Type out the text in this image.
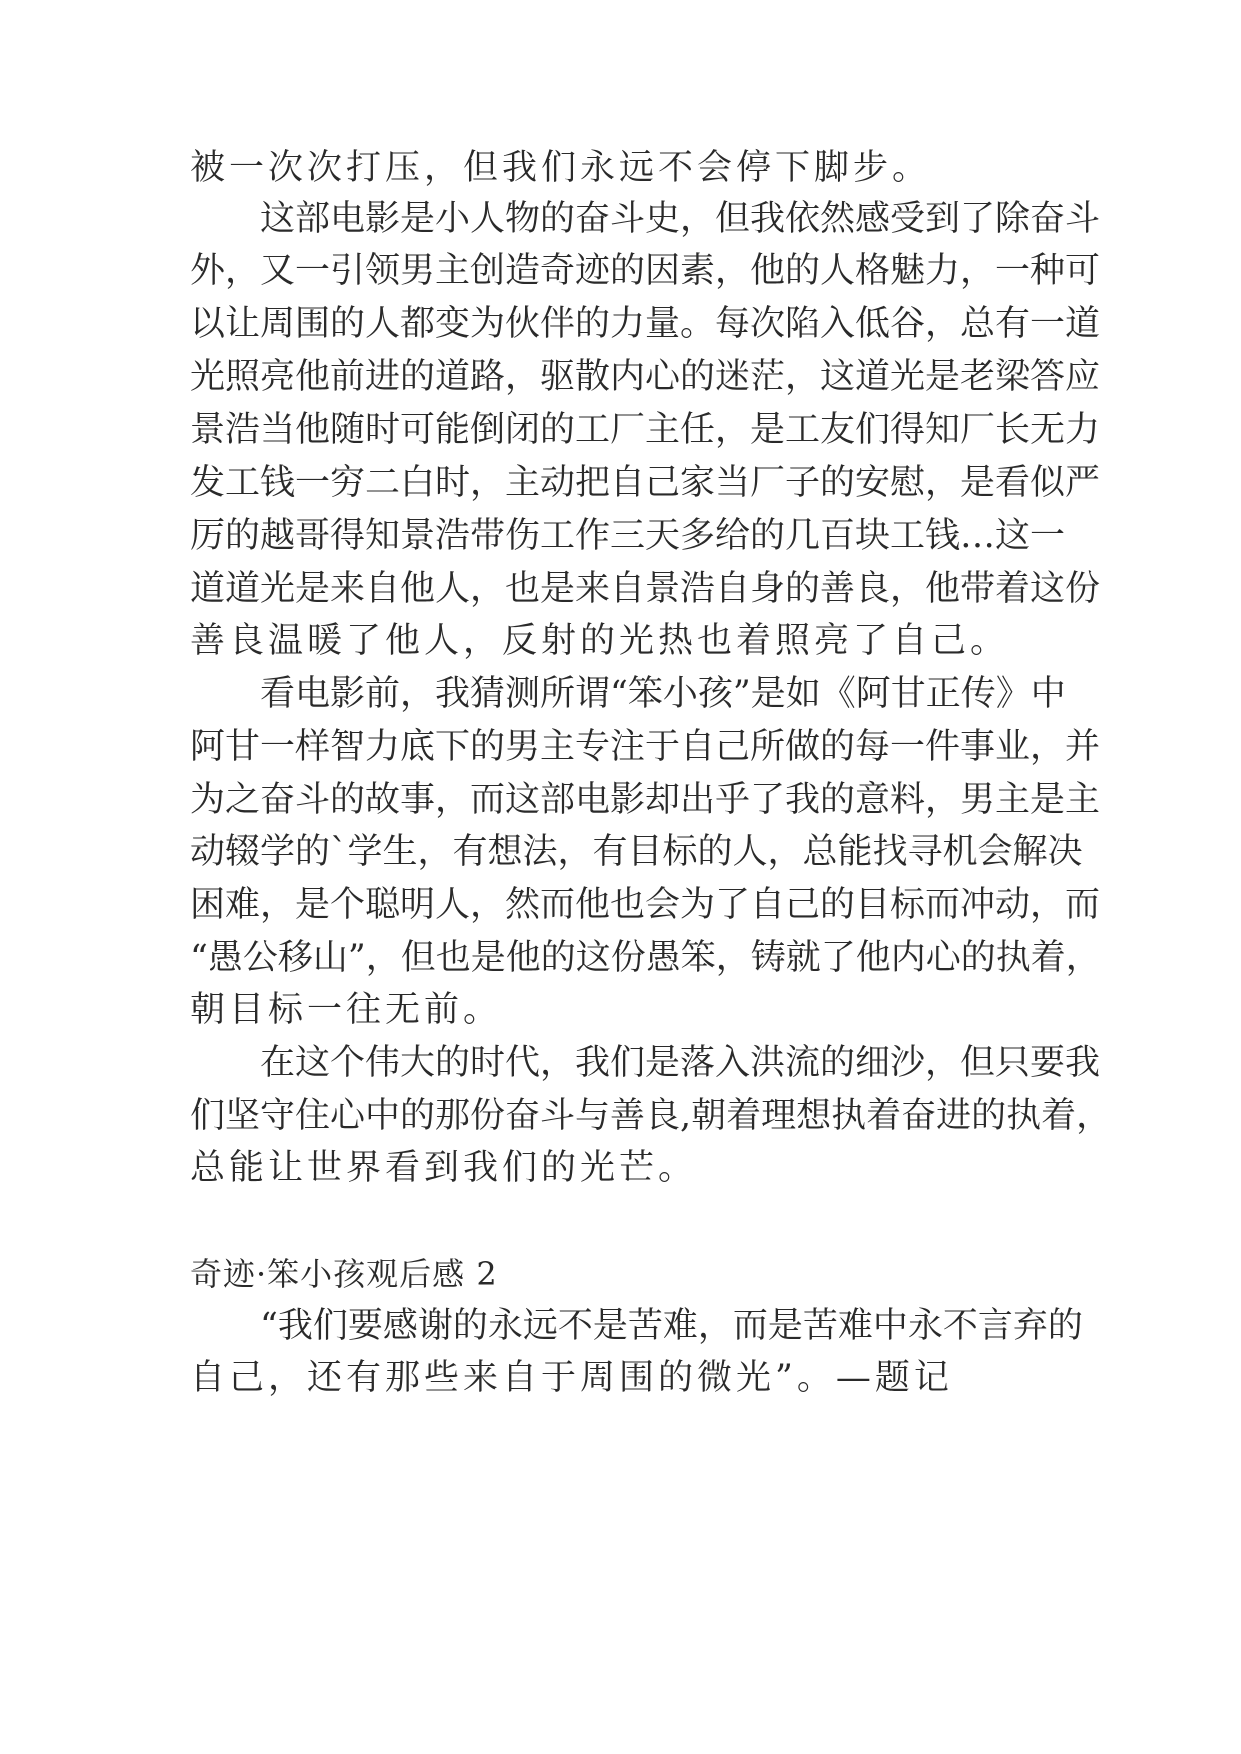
被一次次打压，但我们永远不会停下脚步。
这部电影是小人物的奋斗史，但我依然感受到了除奋斗
外，又一引领男主创造奇迹的因素，他的人格魅力，一种可
以让周围的人都变为伙伴的力量。每次陷入低谷，总有一道
光照亮他前进的道路，驱散内心的迷茫，这道光是老梁答应
景浩当他随时可能倒闭的工厂主任，是工友们得知厂长无力
发工钱一穷二白时，主动把自己家当厂子的安慰，是看似严
厉的越哥得知景浩带伤工作三天多给的几百块工钱…这一
道道光是来自他人，也是来自景浩自身的善良，他带着这份
善良温暖了他人，反射的光热也着照亮了自己。
看电影前，我猜测所谓“笨小孩”是如《阿甘正传》中
阿甘一样智力底下的男主专注于自己所做的每一件事业，并
为之奋斗的故事，而这部电影却出乎了我的意料，男主是主
动辍学的`学生，有想法，有目标的人，总能找寻机会解决
困难，是个聪明人，然而他也会为了自己的目标而冲动，而
“愚公移山”，但也是他的这份愚笨，铸就了他内心的执着，
朝目标一往无前。
在这个伟大的时代，我们是落入洪流的细沙，但只要我
们坚守住心中的那份奋斗与善良,朝着理想执着奋进的执着，
总能让世界看到我们的光芒。
奇迹·笨小孩观后感 2
“我们要感谢的永远不是苦难，而是苦难中永不言弃的
自己，还有那些来自于周围的微光”。—题记
